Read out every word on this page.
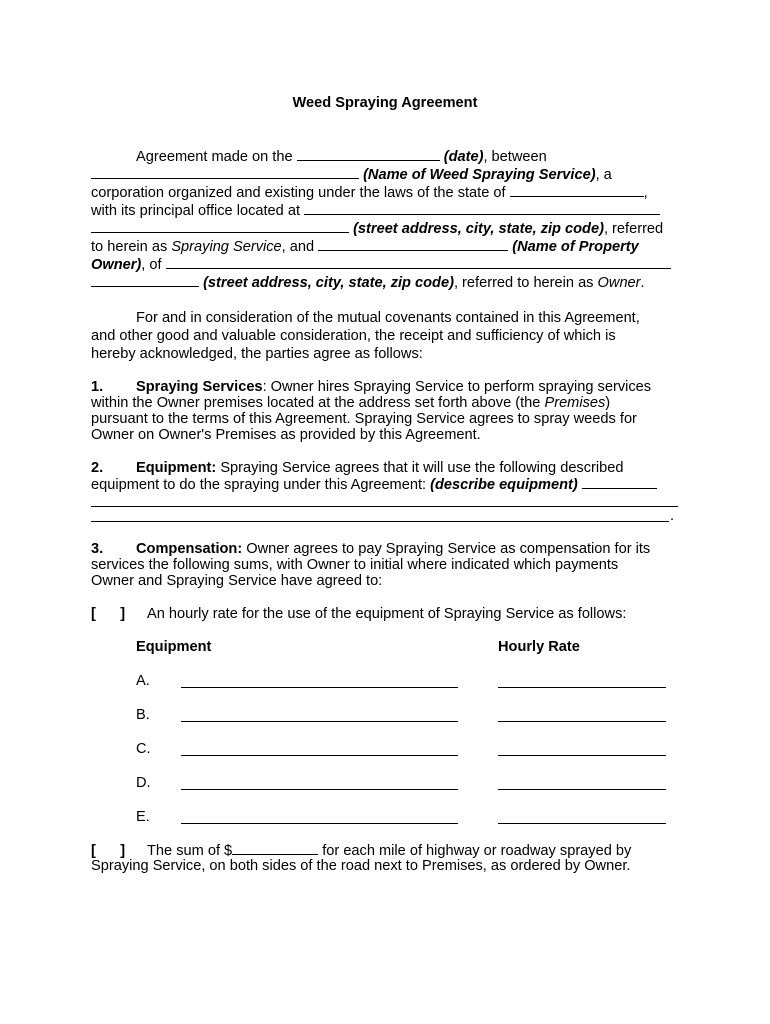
Weed Spraying Agreement
Agreement made on the	(date), between
(Name of Weed Spraying Service), a
corporation organized and existing under the laws of the state of	,
with its principal office located at
(street address, city, state, zip code), referred
to herein as Spraying Service, and	(Name of Property
Owner), of
(street address, city, state, zip code), referred to herein as Owner.
For and in consideration of the mutual covenants contained in this Agreement,
and other good and valuable consideration, the receipt and sufficiency of which is
hereby acknowledged, the parties agree as follows:
1. Spraying Services: Owner hires Spraying Service to perform spraying services
within the Owner premises located at the address set forth above (the Premises)
pursuant to the terms of this Agreement. Spraying Service agrees to spray weeds for
Owner on Owner's Premises as provided by this Agreement.
2. Equipment: Spraying Service agrees that it will use the following described
equipment to do the spraying under this Agreement: (describe equipment)
.
3. Compensation: Owner agrees to pay Spraying Service as compensation for its
services the following sums, with Owner to initial where indicated which payments
Owner and Spraying Service have agreed to:
[      ] An hourly rate for the use of the equipment of Spraying Service as follows:
Equipment	Hourly Rate
A.
B.
C.
D.
E.
[      ] The sum of $	for each mile of highway or roadway sprayed by
Spraying Service, on both sides of the road next to Premises, as ordered by Owner.
